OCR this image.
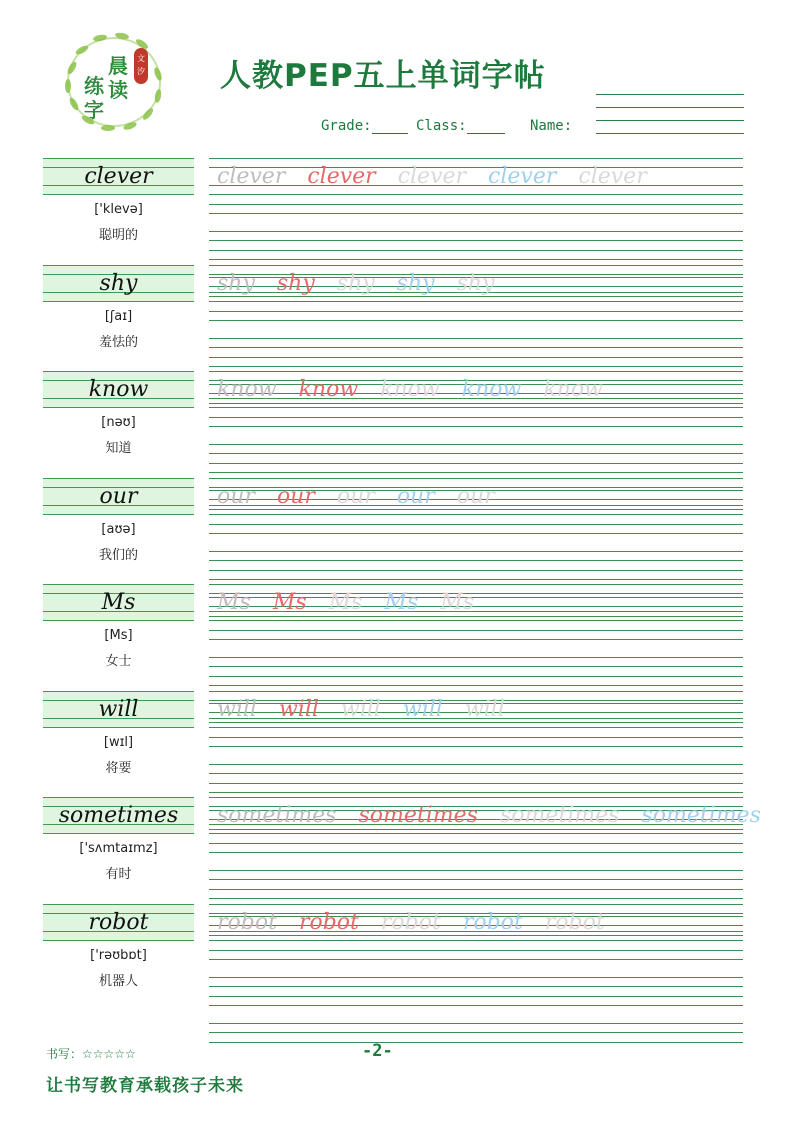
晨
读
练
字
文汐 人教PEP五上单词字帖
Grade:	Class:	Name:
clever
['klevə]
聪明的
clever clever clever clever clever
shy
[ʃaɪ]
羞怯的
shy shy shy shy shy
know
[nəʊ]
知道
know know know know know
our
[aʊə]
我们的
our our our our our
Ms
[Ms]
女士
Ms Ms Ms Ms Ms
will
[wɪl]
将要
will will will will will
sometimes
['sʌmtaɪmz]
有时
sometimes sometimes sometimes sometimes
robot
['rəʊbɒt]
机器人
robot robot robot robot robot
书写：☆☆☆☆☆	-2-
让书写教育承载孩子未来
